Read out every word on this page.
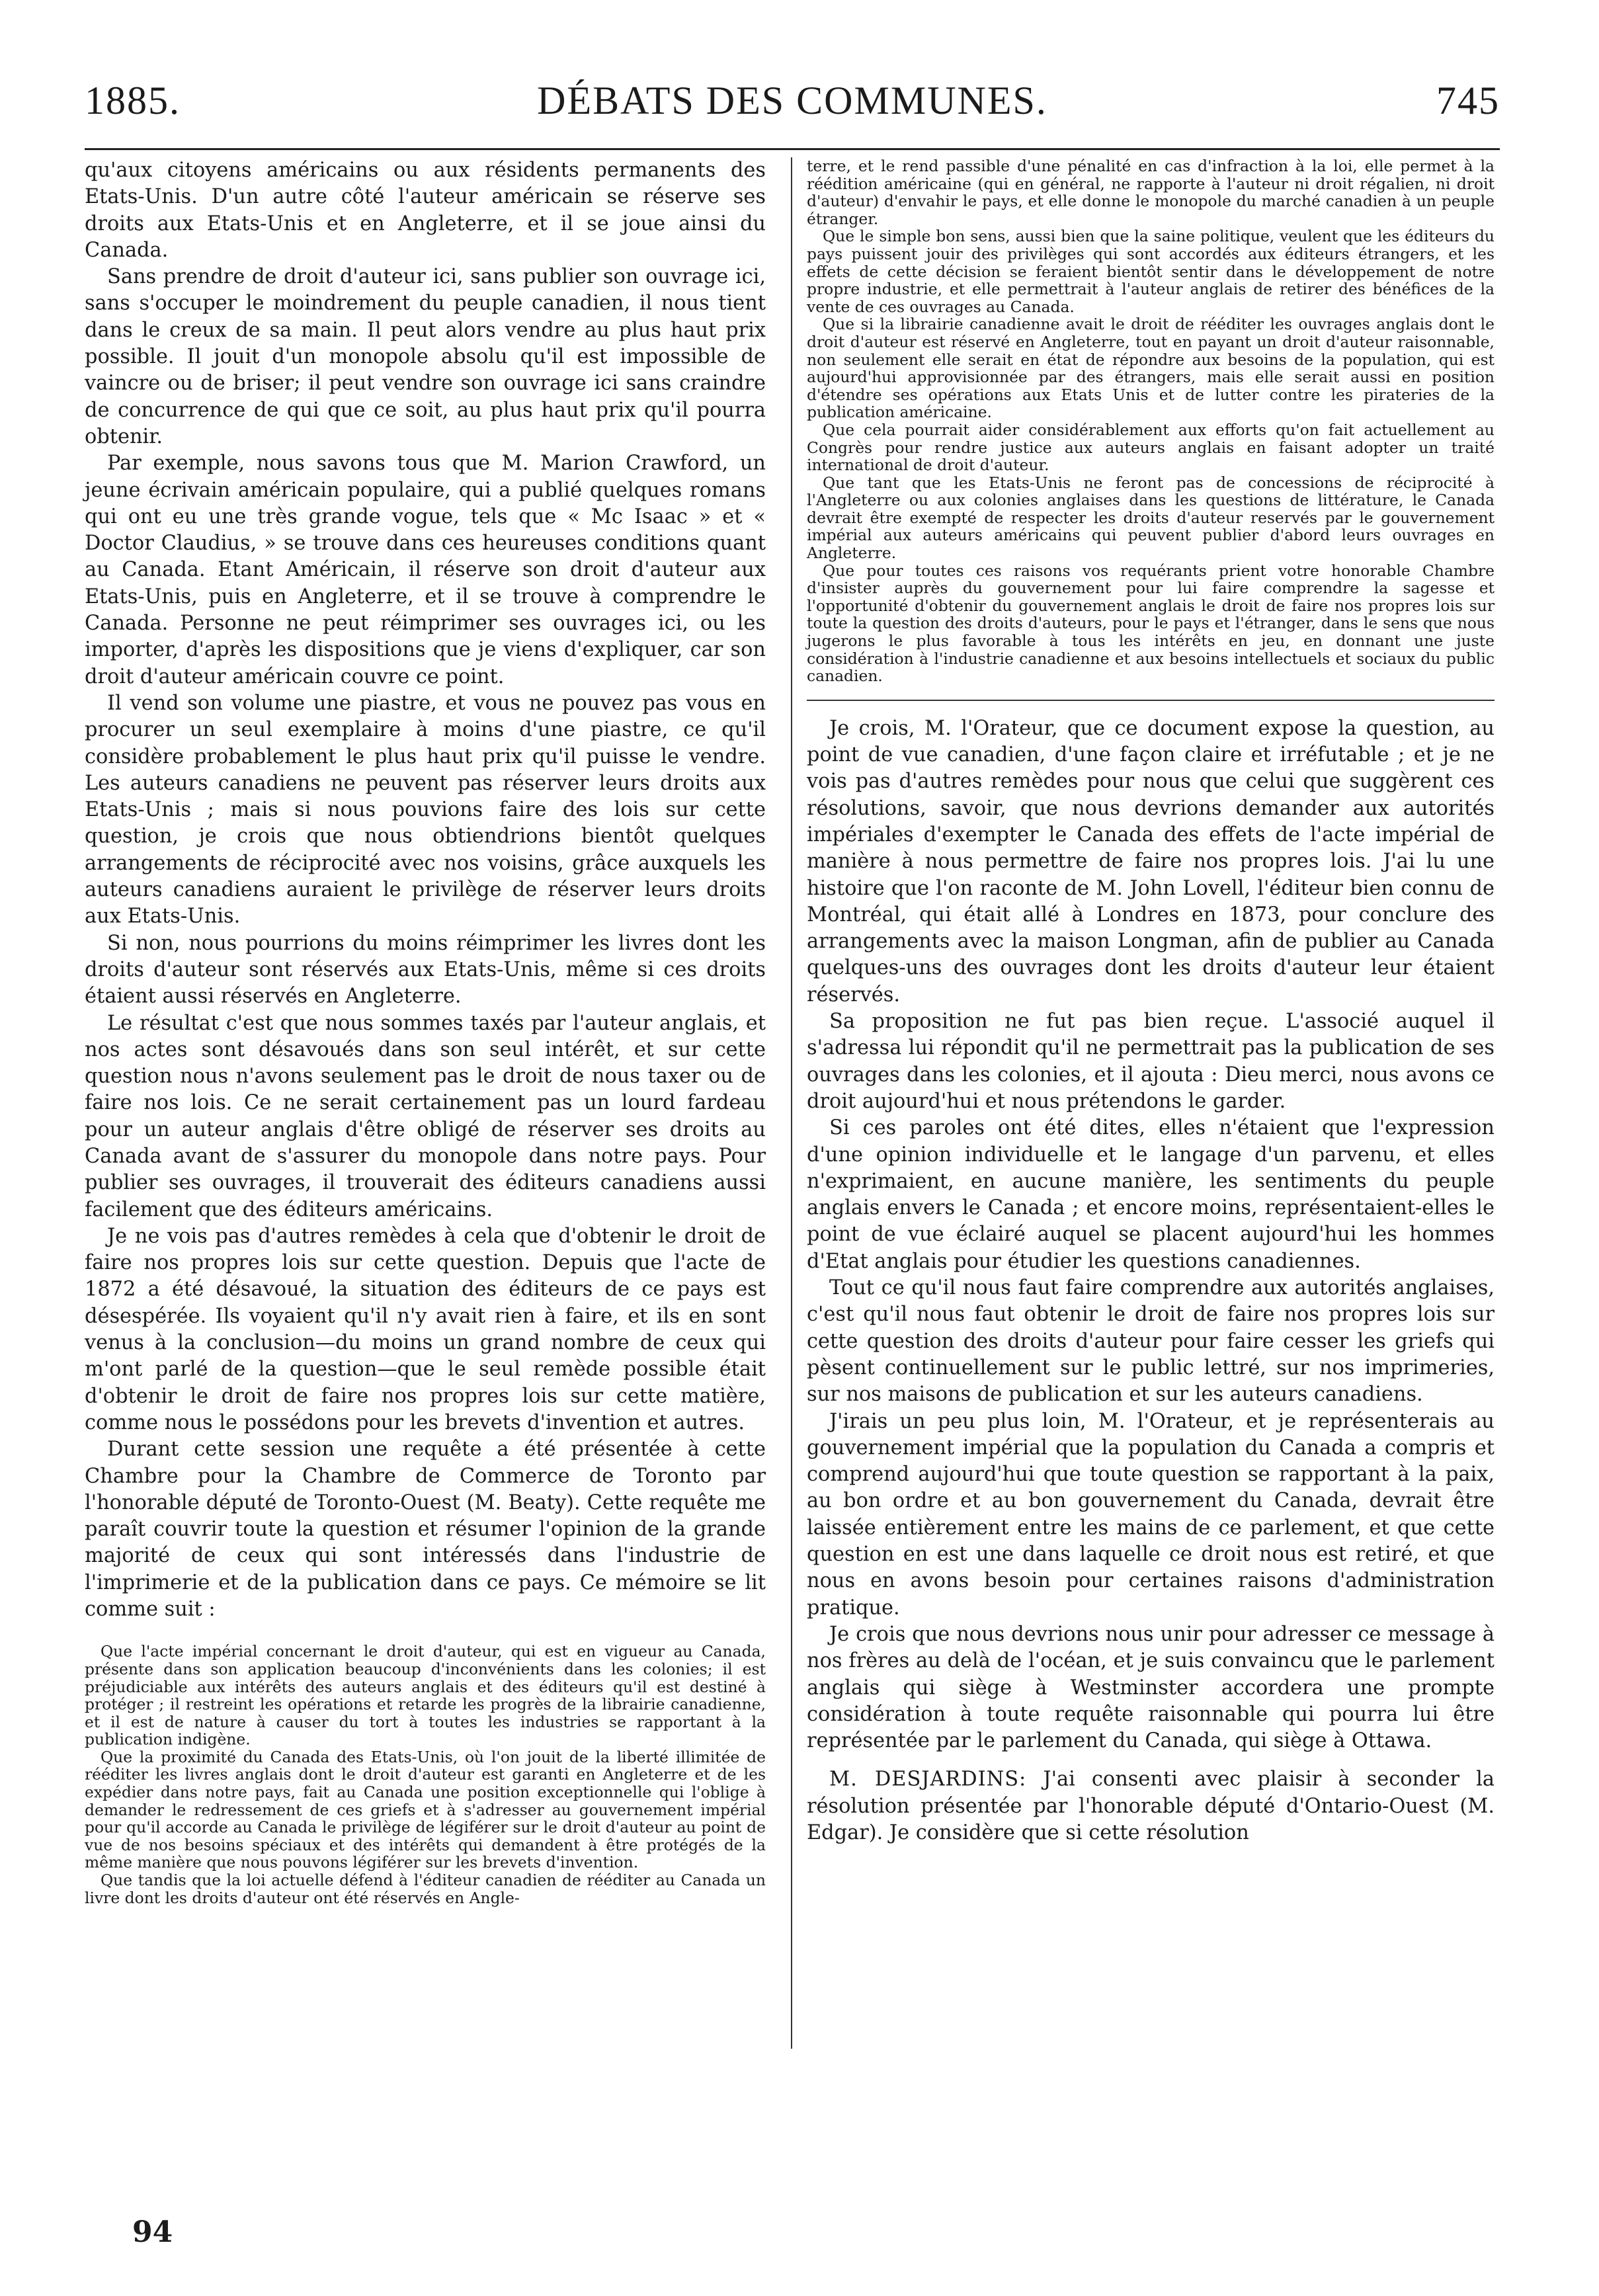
1885.	DÉBATS DES COMMUNES.	745

qu'aux citoyens américains ou aux résidents permanents des Etats-Unis. D'un autre côté l'auteur américain se réserve ses droits aux Etats-Unis et en Angleterre, et il se joue ainsi du Canada.

Sans prendre de droit d'auteur ici, sans publier son ouvrage ici, sans s'occuper le moindrement du peuple canadien, il nous tient dans le creux de sa main. Il peut alors vendre au plus haut prix possible. Il jouit d'un monopole absolu qu'il est impossible de vaincre ou de briser; il peut vendre son ouvrage ici sans craindre de concurrence de qui que ce soit, au plus haut prix qu'il pourra obtenir.

Par exemple, nous savons tous que M. Marion Crawford, un jeune écrivain américain populaire, qui a publié quelques romans qui ont eu une très grande vogue, tels que « Mc Isaac » et « Doctor Claudius, » se trouve dans ces heureuses conditions quant au Canada. Etant Américain, il réserve son droit d'auteur aux Etats-Unis, puis en Angleterre, et il se trouve à comprendre le Canada. Personne ne peut réimprimer ses ouvrages ici, ou les importer, d'après les dispositions que je viens d'expliquer, car son droit d'auteur américain couvre ce point.

Il vend son volume une piastre, et vous ne pouvez pas vous en procurer un seul exemplaire à moins d'une piastre, ce qu'il considère probablement le plus haut prix qu'il puisse le vendre. Les auteurs canadiens ne peuvent pas réserver leurs droits aux Etats-Unis ; mais si nous pouvions faire des lois sur cette question, je crois que nous obtiendrions bientôt quelques arrangements de réciprocité avec nos voisins, grâce auxquels les auteurs canadiens auraient le privilège de réserver leurs droits aux Etats-Unis.

Si non, nous pourrions du moins réimprimer les livres dont les droits d'auteur sont réservés aux Etats-Unis, même si ces droits étaient aussi réservés en Angleterre.

Le résultat c'est que nous sommes taxés par l'auteur anglais, et nos actes sont désavoués dans son seul intérêt, et sur cette question nous n'avons seulement pas le droit de nous taxer ou de faire nos lois. Ce ne serait certainement pas un lourd fardeau pour un auteur anglais d'être obligé de réserver ses droits au Canada avant de s'assurer du monopole dans notre pays. Pour publier ses ouvrages, il trouverait des éditeurs canadiens aussi facilement que des éditeurs américains.

Je ne vois pas d'autres remèdes à cela que d'obtenir le droit de faire nos propres lois sur cette question. Depuis que l'acte de 1872 a été désavoué, la situation des éditeurs de ce pays est désespérée. Ils voyaient qu'il n'y avait rien à faire, et ils en sont venus à la conclusion—du moins un grand nombre de ceux qui m'ont parlé de la question—que le seul remède possible était d'obtenir le droit de faire nos propres lois sur cette matière, comme nous le possédons pour les brevets d'invention et autres.

Durant cette session une requête a été présentée à cette Chambre pour la Chambre de Commerce de Toronto par l'honorable député de Toronto-Ouest (M. Beaty). Cette requête me paraît couvrir toute la question et résumer l'opinion de la grande majorité de ceux qui sont intéressés dans l'industrie de l'imprimerie et de la publication dans ce pays. Ce mémoire se lit comme suit :

Que l'acte impérial concernant le droit d'auteur, qui est en vigueur au Canada, présente dans son application beaucoup d'inconvénients dans les colonies; il est préjudiciable aux intérêts des auteurs anglais et des éditeurs qu'il est destiné à protéger ; il restreint les opérations et retarde les progrès de la librairie canadienne, et il est de nature à causer du tort à toutes les industries se rapportant à la publication indigène.

Que la proximité du Canada des Etats-Unis, où l'on jouit de la liberté illimitée de rééditer les livres anglais dont le droit d'auteur est garanti en Angleterre et de les expédier dans notre pays, fait au Canada une position exceptionnelle qui l'oblige à demander le redressement de ces griefs et à s'adresser au gouvernement impérial pour qu'il accorde au Canada le privilège de légiférer sur le droit d'auteur au point de vue de nos besoins spéciaux et des intérêts qui demandent à être protégés de la même manière que nous pouvons légiférer sur les brevets d'invention.

Que tandis que la loi actuelle défend à l'éditeur canadien de rééditer au Canada un livre dont les droits d'auteur ont été réservés en Angle-

terre, et le rend passible d'une pénalité en cas d'infraction à la loi, elle permet à la réédition américaine (qui en général, ne rapporte à l'auteur ni droit régalien, ni droit d'auteur) d'envahir le pays, et elle donne le monopole du marché canadien à un peuple étranger.

Que le simple bon sens, aussi bien que la saine politique, veulent que les éditeurs du pays puissent jouir des privilèges qui sont accordés aux éditeurs étrangers, et les effets de cette décision se feraient bientôt sentir dans le développement de notre propre industrie, et elle permettrait à l'auteur anglais de retirer des bénéfices de la vente de ces ouvrages au Canada.

Que si la librairie canadienne avait le droit de rééditer les ouvrages anglais dont le droit d'auteur est réservé en Angleterre, tout en payant un droit d'auteur raisonnable, non seulement elle serait en état de répondre aux besoins de la population, qui est aujourd'hui approvisionnée par des étrangers, mais elle serait aussi en position d'étendre ses opérations aux Etats Unis et de lutter contre les pirateries de la publication américaine.

Que cela pourrait aider considérablement aux efforts qu'on fait actuellement au Congrès pour rendre justice aux auteurs anglais en faisant adopter un traité international de droit d'auteur.

Que tant que les Etats-Unis ne feront pas de concessions de réciprocité à l'Angleterre ou aux colonies anglaises dans les questions de littérature, le Canada devrait être exempté de respecter les droits d'auteur reservés par le gouvernement impérial aux auteurs américains qui peuvent publier d'abord leurs ouvrages en Angleterre.

Que pour toutes ces raisons vos requérants prient votre honorable Chambre d'insister auprès du gouvernement pour lui faire comprendre la sagesse et l'opportunité d'obtenir du gouvernement anglais le droit de faire nos propres lois sur toute la question des droits d'auteurs, pour le pays et l'étranger, dans le sens que nous jugerons le plus favorable à tous les intérêts en jeu, en donnant une juste considération à l'industrie canadienne et aux besoins intellectuels et sociaux du public canadien.

Je crois, M. l'Orateur, que ce document expose la question, au point de vue canadien, d'une façon claire et irréfutable ; et je ne vois pas d'autres remèdes pour nous que celui que suggèrent ces résolutions, savoir, que nous devrions demander aux autorités impériales d'exempter le Canada des effets de l'acte impérial de manière à nous permettre de faire nos propres lois. J'ai lu une histoire que l'on raconte de M. John Lovell, l'éditeur bien connu de Montréal, qui était allé à Londres en 1873, pour conclure des arrangements avec la maison Longman, afin de publier au Canada quelques-uns des ouvrages dont les droits d'auteur leur étaient réservés.

Sa proposition ne fut pas bien reçue. L'associé auquel il s'adressa lui répondit qu'il ne permettrait pas la publication de ses ouvrages dans les colonies, et il ajouta : Dieu merci, nous avons ce droit aujourd'hui et nous prétendons le garder.

Si ces paroles ont été dites, elles n'étaient que l'expression d'une opinion individuelle et le langage d'un parvenu, et elles n'exprimaient, en aucune manière, les sentiments du peuple anglais envers le Canada ; et encore moins, représentaient-elles le point de vue éclairé auquel se placent aujourd'hui les hommes d'Etat anglais pour étudier les questions canadiennes.

Tout ce qu'il nous faut faire comprendre aux autorités anglaises, c'est qu'il nous faut obtenir le droit de faire nos propres lois sur cette question des droits d'auteur pour faire cesser les griefs qui pèsent continuellement sur le public lettré, sur nos imprimeries, sur nos maisons de publication et sur les auteurs canadiens.

J'irais un peu plus loin, M. l'Orateur, et je représenterais au gouvernement impérial que la population du Canada a compris et comprend aujourd'hui que toute question se rapportant à la paix, au bon ordre et au bon gouvernement du Canada, devrait être laissée entièrement entre les mains de ce parlement, et que cette question en est une dans laquelle ce droit nous est retiré, et que nous en avons besoin pour certaines raisons d'administration pratique.

Je crois que nous devrions nous unir pour adresser ce message à nos frères au delà de l'océan, et je suis convaincu que le parlement anglais qui siège à Westminster accordera une prompte considération à toute requête raisonnable qui pourra lui être représentée par le parlement du Canada, qui siège à Ottawa.

M. DESJARDINS: J'ai consenti avec plaisir à seconder la résolution présentée par l'honorable député d'Ontario-Ouest (M. Edgar). Je considère que si cette résolution

94
